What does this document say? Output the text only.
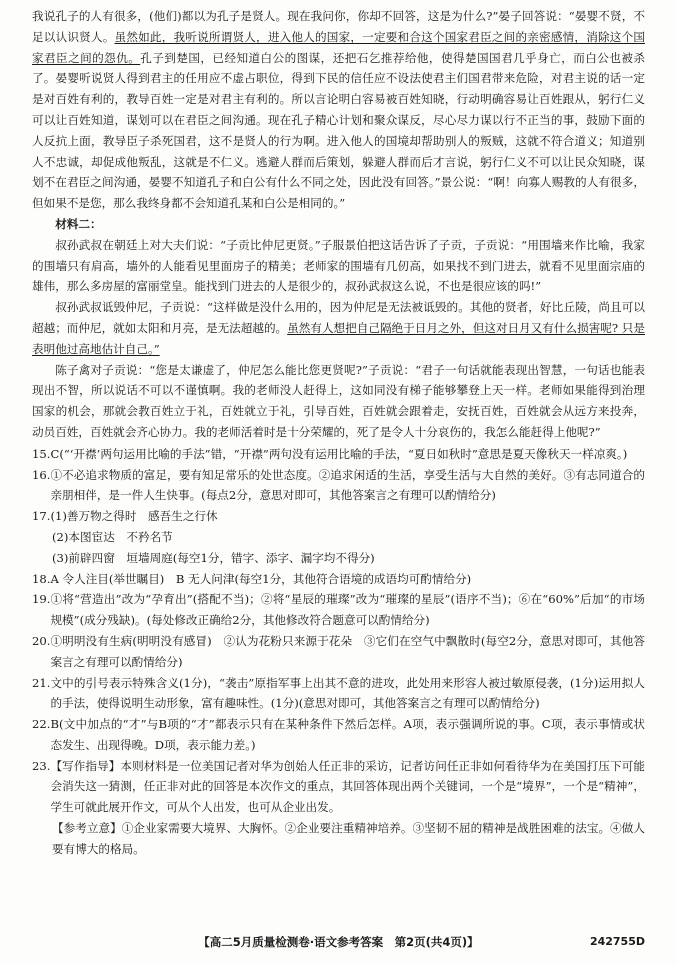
我说孔子的人有很多，(他们)都以为孔子是贤人。现在我问你，你却不回答，这是为什么?”晏子回答说：“晏婴不贤，不足以认识贤人。虽然如此，我听说所谓贤人，进入他人的国家，一定要和合这个国家君臣之间的亲密感情，消除这个国家君臣之间的怨仇。孔子到楚国，已经知道白公的图谋，还把石乞推荐给他，使得楚国国君几乎身亡，而白公也被杀了。晏婴听说贤人得到君主的任用应不虚占职位，得到下民的信任应不设法使君主们国君带来危险，对君主说的话一定是对百姓有利的，教导百姓一定是对君主有利的。所以言论明白容易被百姓知晓，行动明确容易让百姓跟从，躬行仁义可以让百姓知道，谋划可以在君臣之间沟通。现在孔子精心计划和聚众谋反，尽心尽力谋以行不正当的事，鼓励下面的人反抗上面，教导臣子杀死国君，这不是贤人的行为啊。进入他人的国境却帮助别人的叛贼，这就不符合道义；知道别人不忠诚，却促成他叛乱，这就是不仁义。逃避人群而后策划，躲避人群而后才言说，躬行仁义不可以让民众知晓，谋划不在君臣之间沟通，晏婴不知道孔子和白公有什么不同之处，因此没有回答。”景公说：“啊！向寡人赐教的人有很多，但如果不是您，那么我终身都不会知道孔某和白公是相同的。”

材料二：

叔孙武叔在朝廷上对大夫们说：“子贡比仲尼更贤。”子服景伯把这话告诉了子贡，子贡说：“用围墙来作比喻，我家的围墙只有肩高，墙外的人能看见里面房子的精美；老师家的围墙有几仞高，如果找不到门进去，就看不见里面宗庙的雄伟，那么多房屋的富丽堂皇。能找到门进去的人是很少的，叔孙武叔这么说，不也是很应该的吗!”

叔孙武叔诋毁仲尼，子贡说：“这样做是没什么用的，因为仲尼是无法被诋毁的。其他的贤者，好比丘陵，尚且可以超越；而仲尼，就如太阳和月亮，是无法超越的。虽然有人想把自己隔绝于日月之外，但这对日月又有什么损害呢? 只是表明他过高地估计自己。”

陈子禽对子贡说：“您是太谦虚了，仲尼怎么能比您更贤呢?”子贡说：“君子一句话就能表现出智慧，一句话也能表现出不智，所以说话不可以不谨慎啊。我的老师没人赶得上，这如同没有梯子能够攀登上天一样。老师如果能得到治理国家的机会，那就会教百姓立于礼，百姓就立于礼，引导百姓，百姓就会跟着走，安抚百姓，百姓就会从远方来投奔，动员百姓，百姓就会齐心协力。我的老师活着时是十分荣耀的，死了是令人十分哀伤的，我怎么能赶得上他呢?”

15. C(“‘开襟’两句运用比喻的手法”错，“开襟”两句没有运用比喻的手法，“夏日如秋时”意思是夏天像秋天一样凉爽。)
16. ①不必追求物质的富足，要有知足常乐的处世态度。②追求闲适的生活，享受生活与大自然的美好。③有志同道合的亲朋相伴，是一件人生快事。(每点2分，意思对即可，其他答案言之有理可以酌情给分)
17. (1)善万物之得时　感吾生之行休
(2)本图宦达　不矜名节
(3)前辟四窗　垣墙周庭(每空1分，错字、添字、漏字均不得分)
18. A 令人注目(举世瞩目)　B 无人问津(每空1分，其他符合语境的成语均可酌情给分)
19. ①将“营造出”改为“孕育出”(搭配不当)；②将“星辰的璀璨”改为“璀璨的星辰”(语序不当)；⑥在“60%”后加“的市场规模”(成分残缺)。(每处修改正确给2分，其他修改符合题意可以酌情给分)
20. ①明明没有生病(明明没有感冒)　②认为花粉只来源于花朵　③它们在空气中飘散时(每空2分，意思对即可，其他答案言之有理可以酌情给分)
21. 文中的引号表示特殊含义(1分)，“袭击”原指军事上出其不意的进攻，此处用来形容人被过敏原侵袭，(1分)运用拟人的手法，使得说明生动形象，富有趣味性。(1分)(意思对即可，其他答案言之有理可以酌情给分)
22. B(文中加点的“才”与B项的“才”都表示只有在某种条件下然后怎样。A项，表示强调所说的事。C项，表示事情或状态发生、出现得晚。D项，表示能力差。)
23. 【写作指导】本则材料是一位美国记者对华为创始人任正非的采访，记者访问任正非如何看待华为在美国打压下可能会消失这一猜测，任正非对此的回答是本次作文的重点，其回答体现出两个关键词，一个是“境界”，一个是“精神”，学生可就此展开作文，可从个人出发，也可从企业出发。
【参考立意】①企业家需要大境界、大胸怀。②企业要注重精神培养。③坚韧不屈的精神是战胜困难的法宝。④做人要有博大的格局。
【高二5月质量检测卷·语文参考答案　第2页(共4页)】	242755D
